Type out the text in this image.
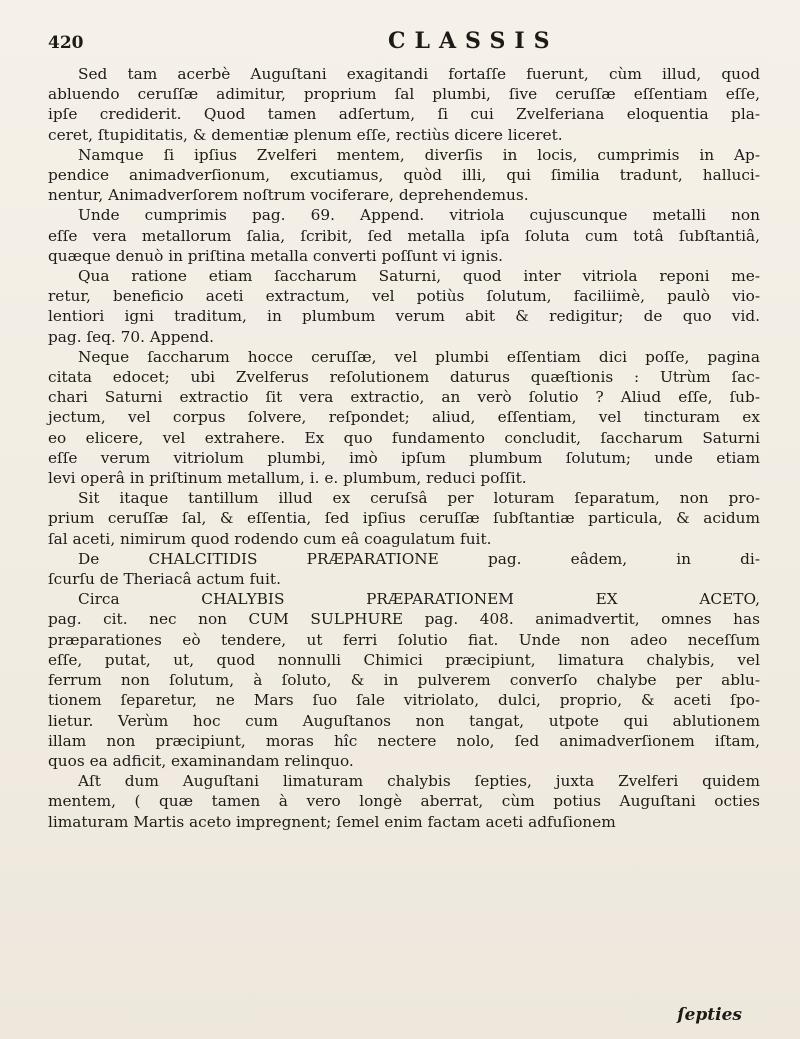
420	CLASSIS

Sed tam acerbè Auguſtani exagitandi fortaſſe fuerunt, cùm illud, quod
abluendo ceruſſæ adimitur, proprium ſal plumbi, ſive ceruſſæ eſſentiam eſſe,
ipſe crediderit. Quod tamen adſertum, ſi cui Zvelferiana eloquentia pla-
ceret, ſtupiditatis, & dementiæ plenum eſſe, rectiùs dicere liceret.

Namque ſi ipſius Zvelferi mentem, diverſis in locis, cumprimis in Ap-
pendice animadverſionum, excutiamus, quòd illi, qui ſimilia tradunt, halluci-
nentur, Animadverſorem noſtrum vociferare, deprehendemus.

Unde cumprimis pag. 69. Append. vitriola cujuscunque metalli non
eſſe vera metallorum ſalia, ſcribit, ſed metalla ipſa ſoluta cum totâ ſubſtantiâ,
quæque denuò in priſtina metalla converti poſſunt vi ignis.

Qua ratione etiam ſaccharum Saturni, quod inter vitriola reponi me-
retur, beneficio aceti extractum, vel potiùs ſolutum, faciliimè, paulò vio-
lentiori igni traditum, in plumbum verum abit & redigitur; de quo vid.
pag. ſeq. 70. Append.

Neque ſaccharum hocce ceruſſæ, vel plumbi eſſentiam dici poſſe, pagina
citata edocet; ubi Zvelferus reſolutionem daturus quæſtionis : Utrùm ſac-
chari Saturni extractio ſit vera extractio, an verò ſolutio ? Aliud eſſe, ſub-
jectum, vel corpus ſolvere, reſpondet; aliud, eſſentiam, vel tincturam ex
eo elicere, vel extrahere. Ex quo fundamento concludit, ſaccharum Saturni
eſſe verum vitriolum plumbi, imò ipſum plumbum ſolutum; unde etiam
levi operâ in priſtinum metallum, i. e. plumbum, reduci poſſit.

Sit itaque tantillum illud ex ceruſsâ per loturam ſeparatum, non pro-
prium ceruſſæ ſal, & eſſentia, ſed ipſius ceruſſæ ſubſtantiæ particula, & acidum
ſal aceti, nimirum quod rodendo cum eâ coagulatum fuit.

De CHALCITIDIS PRÆPARATIONE pag. eâdem, in di-
ſcurſu de Theriacâ actum fuit.

Circa CHALYBIS PRÆPARATIONEM EX ACETO,
pag. cit. nec non CUM SULPHURE pag. 408. animadvertit, omnes has
præparationes eò tendere, ut ferri ſolutio fiat. Unde non adeo neceſſum
eſſe, putat, ut, quod nonnulli Chimici præcipiunt, limatura chalybis, vel
ferrum non ſolutum, à ſoluto, & in pulverem converſo chalybe per ablu-
tionem ſeparetur, ne Mars ſuo ſale vitriolato, dulci, proprio, & aceti ſpo-
lietur. Verùm hoc cum Auguſtanos non tangat, utpote qui ablutionem
illam non præcipiunt, moras hîc nectere nolo, ſed animadverſionem iſtam,
quos ea adficit, examinandam relinquo.

Aſt dum Auguſtani limaturam chalybis ſepties, juxta Zvelferi quidem
mentem, ( quæ tamen à vero longè aberrat, cùm potius Auguſtani octies
limaturam Martis aceto impregnent; ſemel enim factam aceti adfuſionem

ſepties
